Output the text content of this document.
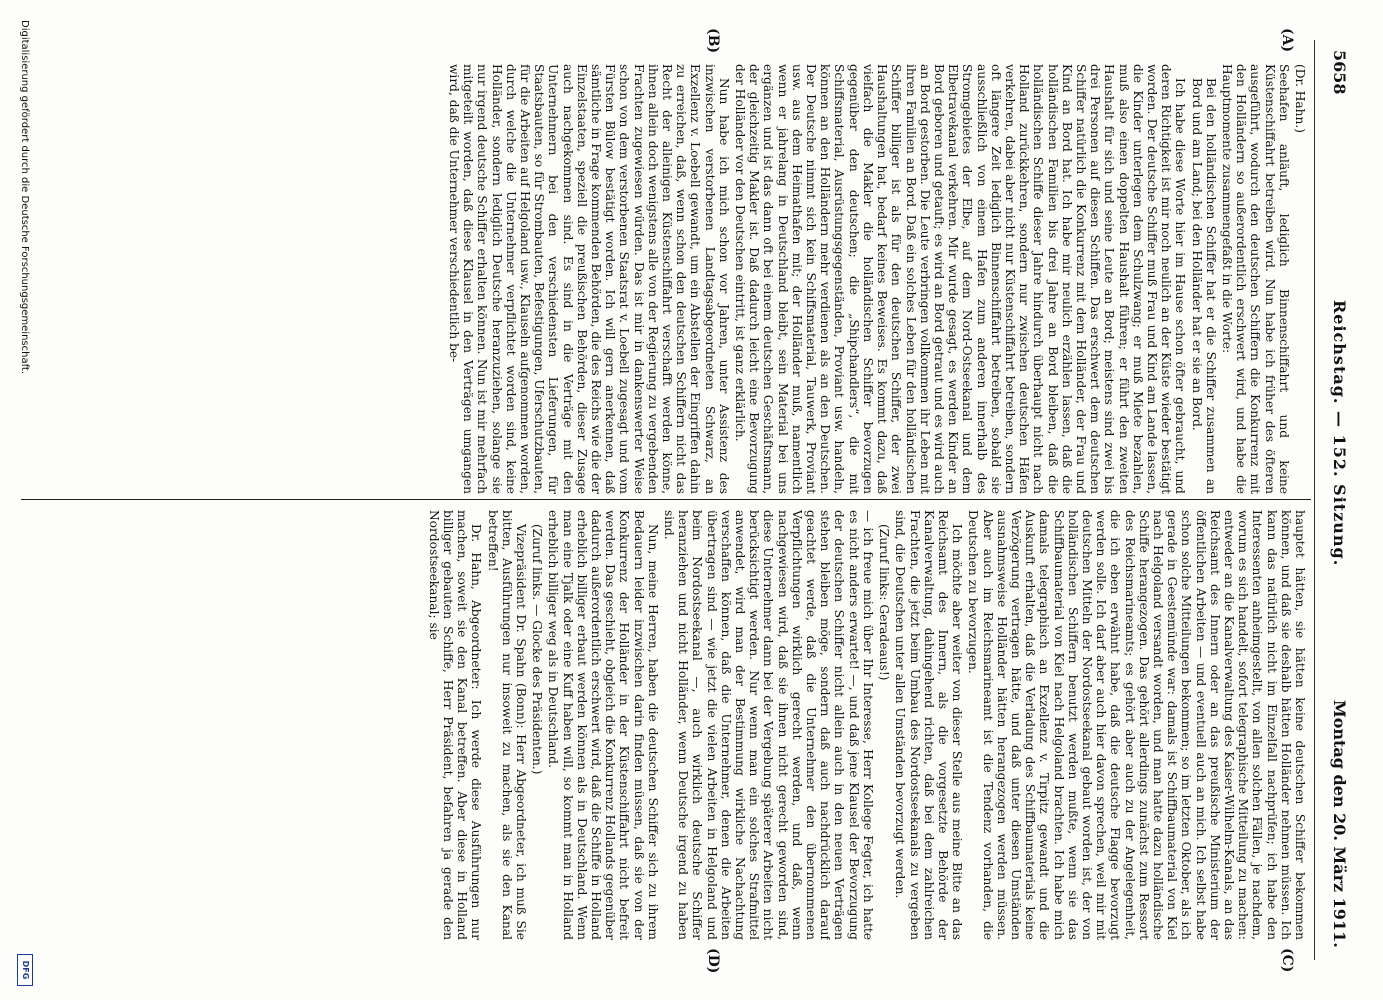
5658
Reichstag. — 152. Sitzung.
Montag den 20. März 1911.
(A)
(B)
(C)
(D)

(Dr. Hahn.)

Seehafen anläuft, lediglich Binnenschiffahrt und keine Küstenschiffahrt betreiben wird. Nun habe ich früher des öfteren ausgeführt, wodurch den deutschen Schiffern die Konkurrenz mit den Holländern so außerordentlich erschwert wird, und habe die Hauptmomente zusammengefaßt in die Worte:

Bei den holländischen Schiffer hat er die Schiffer zusammen an Bord und am Land; bei den Holländer hat er sie an Bord.

Ich habe diese Worte hier im Hause schon öfter gebraucht, und deren Richtigkeit ist mir noch neulich an der Küste wieder bestätigt worden. Der deutsche Schiffer muß Frau und Kind am Lande lassen, die Kinder unterlegen dem Schulzwang; er muß Miete bezahlen, muß also einen doppelten Haushalt führen; er führt den zweiten Haushalt für sich und seine Leute an Bord; meistens sind zwei bis drei Personen auf diesen Schiffen. Das erschwert dem deutschen Schiffer natürlich die Konkurrenz mit dem Holländer, der Frau und Kind an Bord hat. Ich habe mir neulich erzählen lassen, daß die holländischen Familien bis drei Jahre an Bord bleiben, daß die holländischen Schiffe dieser Jahre hindurch überhaupt nicht nach Holland zurückkehren, sondern nur zwischen deutschen Häfen verkehren, dabei aber nicht nur Küstenschiffahrt betreiben, sondern oft längere Zeit lediglich Binnenschiffahrt betreiben, sobald sie ausschließlich von einem Hafen zum anderen innerhalb des Stromgebietes der Elbe, auf dem Nord-Ostseekanal und dem Elbetravekanal verkehren. Mir wurde gesagt, es werden Kinder an Bord geboren und getauft; es wird an Bord getraut und es wird auch an Bord gestorben. Die Leute verbringen vollkommen ihr Leben mit ihren Familien an Bord. Daß ein solches Leben für den holländischen Schiffer billiger ist als für den deutschen Schiffer, der zwei Haushaltungen hat, bedarf keines Beweises. Es kommt dazu, daß vielfach die Makler die holländischen Schiffer bevorzugen gegenüber den deutschen; die „Shipchandlers“, die mit Schiffsmaterial, Ausrüstungsgegenständen, Proviant usw. handeln, können an den Holländern mehr verdienen als an den Deutschen. Der Deutsche nimmt sich kein Schiffsmaterial, Tauwerk, Proviant usw. aus dem Heimathafen mit; der Holländer muß, namentlich wenn er jahrelang in Deutschland bleibt, sein Material bei uns ergänzen und ist das dann oft bei einem deutschen Geschäftsmann, der gleichzeitig Makler ist. Daß dadurch leicht eine Bevorzugung der Holländer vor den Deutschen eintritt, ist ganz erklärlich.

Nun habe ich mich schon vor Jahren, unter Assistenz des inzwischen verstorbenen Landtagsabgeordneten Schwarz, an Exzellenz v. Loebell gewandt, um ein Abstellen der Eingriffen dahin zu erreichen, daß, wenn schon den deutschen Schiffern nicht das Recht der alleinigen Küstenschiffahrt verschafft werden könne, ihnen allein doch wenigstens alle von der Regierung zu vergebenden Frachten zugewiesen würden. Das ist mir in dankenswerter Weise schon von dem verstorbenen Staatsrat v. Loebell zugesagt und vom Fürsten Bülow bestätigt worden. Ich will gern anerkennen, daß sämtliche in Frage kommenden Behörden, die des Reichs wie die der Einzelstaaten, speziell die preußischen Behörden, dieser Zusage auch nachgekommen sind. Es sind in die Verträge mit den Unternehmern bei den verschiedensten Lieferungen, für Staatsbauten, so für Strombauten, Befestigungen, Uferschutzbauten, für die Arbeiten auf Helgoland usw., Klauseln aufgenommen worden, durch welche die Unternehmer verpflichtet worden sind, keine Holländer, sondern lediglich Deutsche heranzuziehen, solange sie nur irgend deutsche Schiffer erhalten können. Nun ist mir mehrfach mitgeteilt worden, daß diese Klausel in den Verträgen umgangen wird, daß die Unternehmer verschiedentlich be-

hauptet hätten, sie hätten keine deutschen Schiffer bekommen können, und daß sie deshalb hätten Holländer nehmen müssen. Ich kann das natürlich nicht im Einzelfall nachprüfen; ich habe den Interessenten anheimgestellt, von allen solchen Fällen, je nachdem, worum es sich handelt, sofort telegraphische Mitteilung zu machen: entweder an die Kanalverwaltung des Kaiser-Wilhelm-Kanals, an das Reichsamt des Innern oder an das preußische Ministerium der öffentlichen Arbeiten — und eventuell auch an mich. Ich selbst habe schon solche Mitteilungen bekommen; so im letzten Oktober, als ich gerade in Geestemünde war: damals ist Schiffbaumaterial von Kiel nach Helgoland versandt worden, und man hatte dazu holländische Schiffe herangezogen. Das gehört allerdings zunächst zum Ressort des Reichsmarineamts; es gehört aber auch zu der Angelegenheit, die ich eben erwähnt habe, daß die deutsche Flagge bevorzugt werden solle. Ich darf aber auch hier davon sprechen, weil mir mit deutschen Mitteln der Nordostseekanal gebaut worden ist, der von holländischen Schiffern benutzt werden mußte, wenn sie das Schiffbaumaterial von Kiel nach Helgoland brachten. Ich habe mich damals telegraphisch an Exzellenz v. Tirpitz gewandt und die Auskunft erhalten, daß die Verladung des Schiffbaumaterials keine Verzögerung vertragen hätte, und daß unter diesen Umständen ausnahmsweise Holländer hätten herangezogen werden müssen. Aber auch im Reichsmarineamt ist die Tendenz vorhanden, die Deutschen zu bevorzugen.

Ich möchte aber weiter von dieser Stelle aus meine Bitte an das Reichsamt des Innern, als die vorgesetzte Behörde der Kanalverwaltung, dahingehend richten, daß bei dem zahlreichen Frachten, die jetzt beim Umbau des Nordostseekanals zu vergeben sind, die Deutschen unter allen Umständen bevorzugt werden.

(Zuruf links: Geradeaus!)

— ich freue mich über Ihr Interesse, Herr Kollege Fegter, ich hatte es nicht anders erwartet! —, und daß jene Klausel der Bevorzugung der deutschen Schiffer nicht allein auch in den neuen Verträgen stehen bleiben möge, sondern daß auch nachdrücklich darauf geachtet werde, daß die Unternehmer den übernommenen Verpflichtungen wirklich gerecht werden, und daß, wenn nachgewiesen wird, daß sie ihnen nicht gerecht geworden sind, diese Unternehmer dann bei der Vergebung späterer Arbeiten nicht berücksichtigt werden. Nur wenn man ein solches Strafmittel anwendet, wird man der Bestimmung wirkliche Nachachtung verschaffen können, daß die Unternehmer, denen die Arbeiten übertragen sind — wie jetzt die vielen Arbeiten in Helgoland und beim Nordostseekanal —, auch wirklich deutsche Schiffer heranziehen und nicht Holländer, wenn Deutsche irgend zu haben sind.

Nun, meine Herren, haben die deutschen Schiffer sich zu ihrem Bedauern leider inzwischen darin finden müssen, daß sie von der Konkurrenz der Holländer in der Küstenschiffahrt nicht befreit werden. Das geschieht, obgleich die Konkurrenz Hollands gegenüber dadurch außerordentlich erschwert wird, daß die Schiffe in Holland erheblich billiger erbaut werden können als in Deutschland. Wenn man eine Tjalk oder eine Kuff haben will, so kommt man in Holland erheblich billiger weg als in Deutschland.

(Zuruf links. — Glocke des Präsidenten.)

Vizepräsident Dr. Spahn (Bonn): Herr Abgeordneter, ich muß Sie bitten, Ausführungen nur insoweit zu machen, als sie den Kanal betreffen!

Dr. Hahn, Abgeordneter: Ich werde diese Ausführungen nur machen, soweit sie den Kanal betreffen. Aber diese in Holland billiger gebauten Schiffe, Herr Präsident, befahren ja gerade den Nordostseekanal; sie

Digitalisierung gefördert durch die Deutsche Forschungsgemeinschaft.
DFG
